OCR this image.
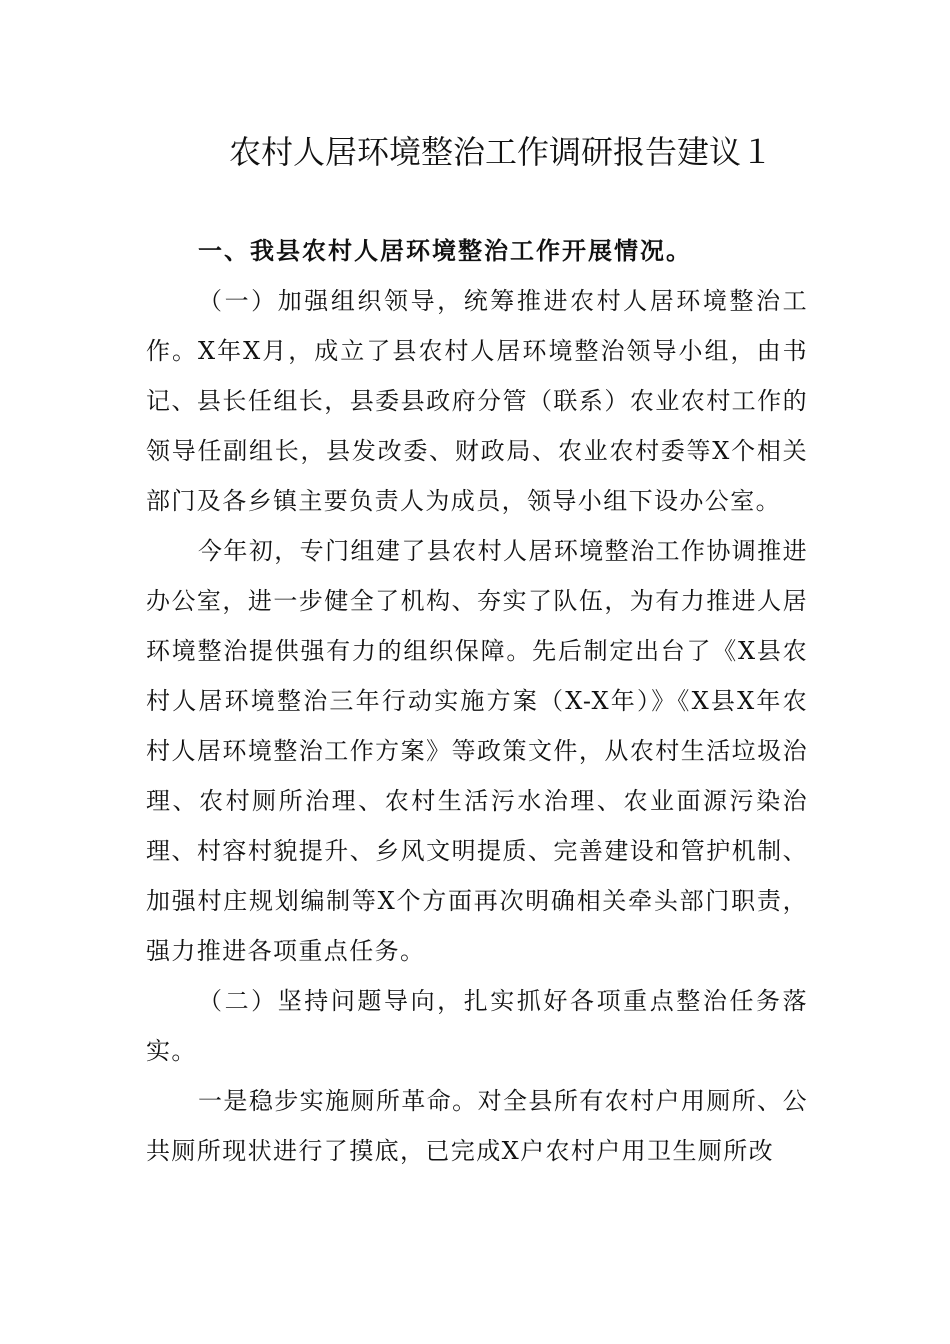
农村人居环境整治工作调研报告建议１
一、我县农村人居环境整治工作开展情况。

（一）加强组织领导，统筹推进农村人居环境整治工作。X年X月，成立了县农村人居环境整治领导小组，由书记、县长任组长，县委县政府分管（联系）农业农村工作的领导任副组长，县发改委、财政局、农业农村委等X个相关部门及各乡镇主要负责人为成员，领导小组下设办公室。

今年初，专门组建了县农村人居环境整治工作协调推进办公室，进一步健全了机构、夯实了队伍，为有力推进人居环境整治提供强有力的组织保障。先后制定出台了《X县农村人居环境整治三年行动实施方案（X-X年）》《X县X年农村人居环境整治工作方案》等政策文件，从农村生活垃圾治理、农村厕所治理、农村生活污水治理、农业面源污染治理、村容村貌提升、乡风文明提质、完善建设和管护机制、加强村庄规划编制等X个方面再次明确相关牵头部门职责，强力推进各项重点任务。

（二）坚持问题导向，扎实抓好各项重点整治任务落实。

一是稳步实施厕所革命。对全县所有农村户用厕所、公共厕所现状进行了摸底，已完成X户农村户用卫生厕所改
